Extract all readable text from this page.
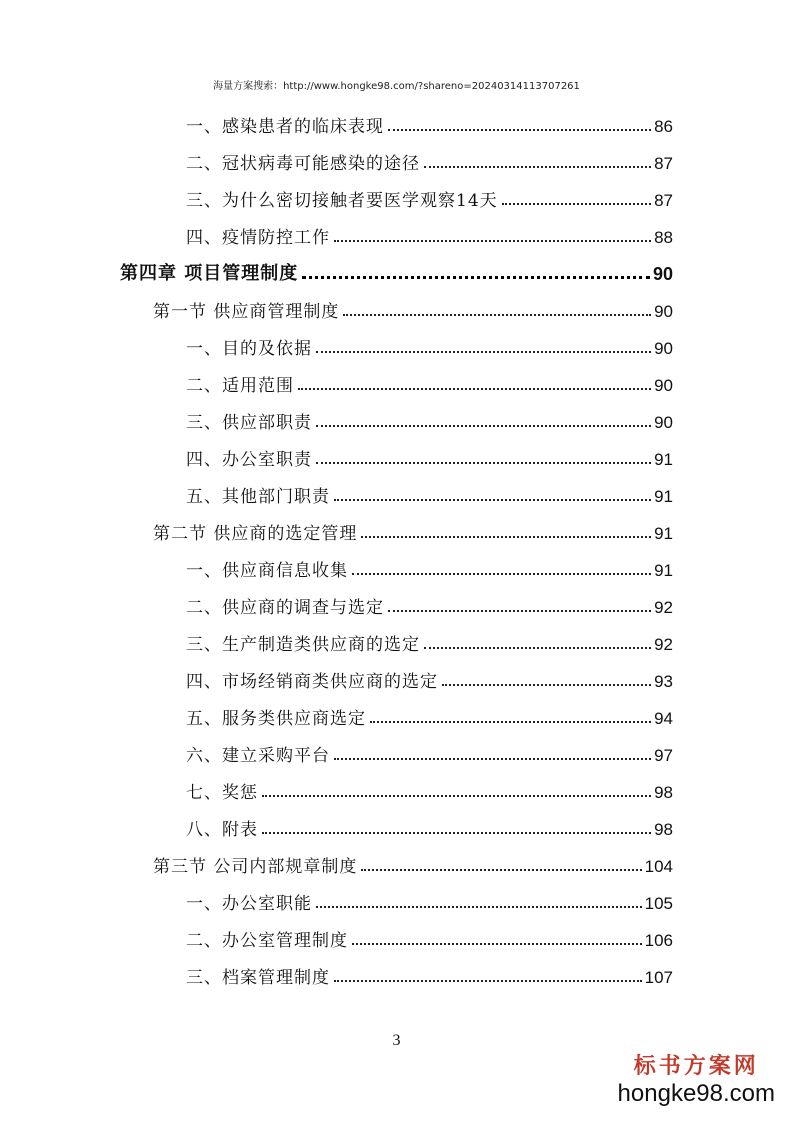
海量方案搜索：http://www.hongke98.com/?shareno=20240314113707261
一、感染患者的临床表现	86
二、冠状病毒可能感染的途径	87
三、为什么密切接触者要医学观察14天	87
四、疫情防控工作	88
第四章 项目管理制度	90
第一节 供应商管理制度	90
一、目的及依据	90
二、适用范围	90
三、供应部职责	90
四、办公室职责	91
五、其他部门职责	91
第二节 供应商的选定管理	91
一、供应商信息收集	91
二、供应商的调查与选定	92
三、生产制造类供应商的选定	92
四、市场经销商类供应商的选定	93
五、服务类供应商选定	94
六、建立采购平台	97
七、奖惩	98
八、附表	98
第三节 公司内部规章制度	104
一、办公室职能	105
二、办公室管理制度	106
三、档案管理制度	107
3
标书方案网
hongke98.com
